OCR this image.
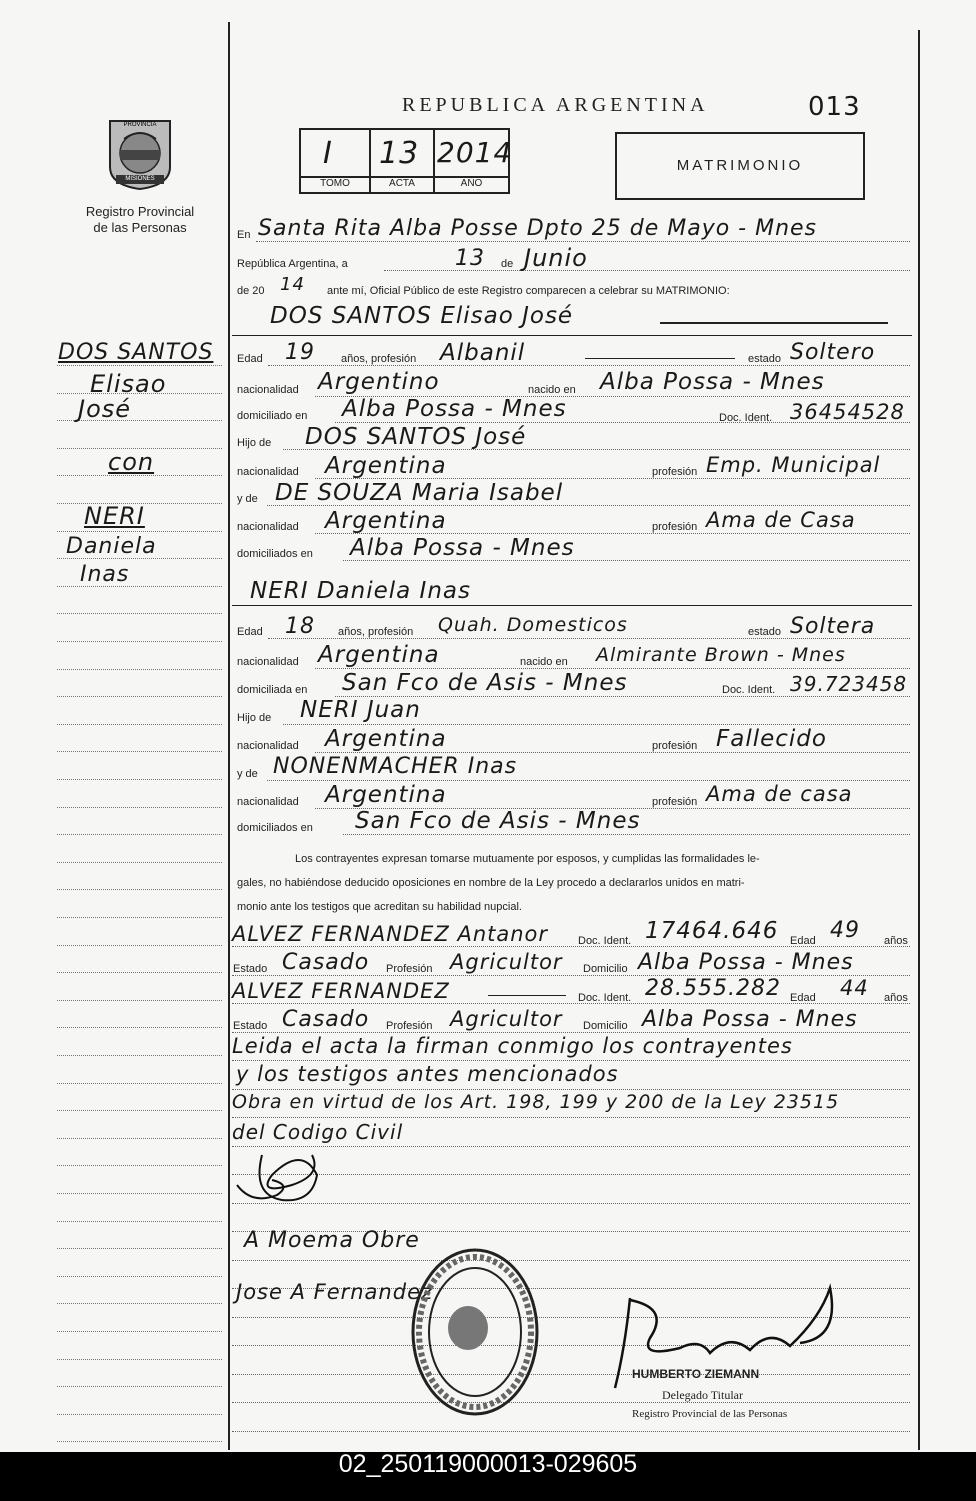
REPUBLICA ARGENTINA	013
PROVINCIA
MISIONES
Registro Provincial
de las Personas
I 13 2014
TOMO	ACTA	AÑO
MATRIMONIO
DOS SANTOS
Elisao
José
con
NERI
Daniela
Inas
En Santa Rita Alba Posse Dpto 25 de Mayo - Mnes
República Argentina, a	13 de Junio
de 20 14 ante mí, Oficial Público de este Registro comparecen a celebrar su MATRIMONIO:
DOS SANTOS Elisao José
Edad 19 años, profesión Albanil	estado Soltero
nacionalidad Argentino	nacido en Alba Possa - Mnes
domiciliado en Alba Possa - Mnes	Doc. Ident. 36454528
Hijo de DOS SANTOS José
nacionalidad Argentina	profesión Emp. Municipal
y de DE SOUZA Maria Isabel
nacionalidad Argentina	profesión Ama de Casa
domiciliados en Alba Possa - Mnes
NERI Daniela Inas
Edad 18 años, profesión Quah. Domesticos	estado Soltera
nacionalidad Argentina	nacido en Almirante Brown - Mnes
domiciliada en San Fco de Asis - Mnes	Doc. Ident. 39.723458
Hijo de NERI Juan
nacionalidad Argentina	profesión Fallecido
y de NONENMACHER Inas
nacionalidad Argentina	profesión Ama de casa
domiciliados en San Fco de Asis - Mnes
Los contrayentes expresan tomarse mutuamente por esposos, y cumplidas las formalidades le-
gales, no habiéndose deducido oposiciones en nombre de la Ley procedo a declararlos unidos en matri-
monio ante los testigos que acreditan su habilidad nupcial.
ALVEZ FERNANDEZ Antanor	Doc. Ident. 17464.646 Edad 49 años
Estado Casado Profesión Agricultor Domicilio Alba Possa - Mnes
ALVEZ FERNANDEZ	Doc. Ident. 28.555.282 Edad 44 años
Estado Casado Profesión Agricultor Domicilio Alba Possa - Mnes
Leida el acta la firman conmigo los contrayentes
y los testigos antes mencionados
Obra en virtud de los Art. 198, 199 y 200 de la Ley 23515
del Codigo Civil
A Moema Obre
Jose A Fernandez
HUMBERTO ZIEMANN
Delegado Titular
Registro Provincial de las Personas
02_250119000013-029605
